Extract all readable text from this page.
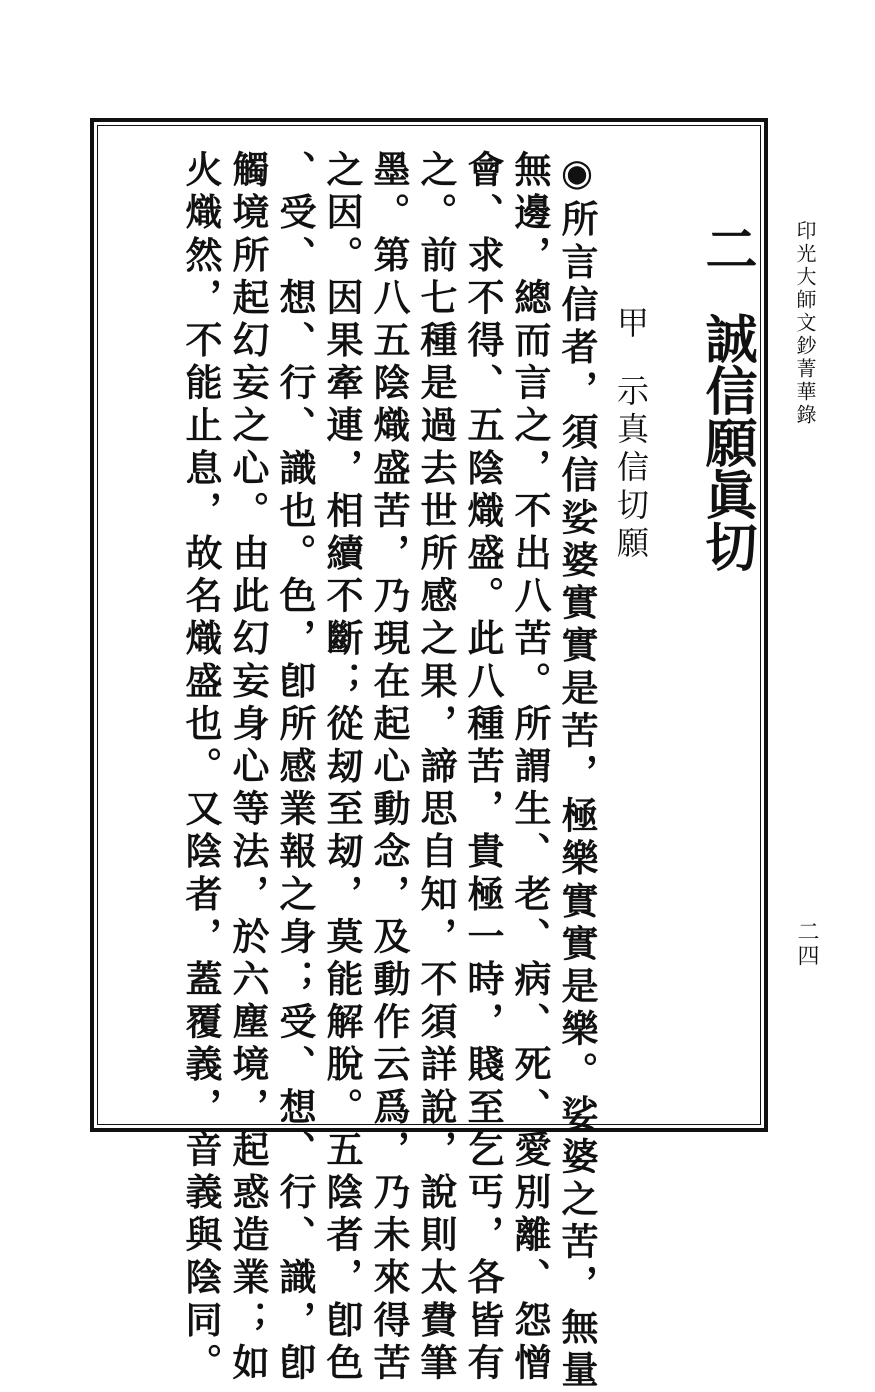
二誠信願眞切
甲示真信切願
◉所言信者，須信娑婆實實是苦，極樂實實是樂。娑婆之苦，無量
無邊，總而言之，不出八苦。所謂生、老、病、死、愛別離、怨憎
會、求不得、五陰熾盛。此八種苦，貴極一時，賤至乞丐，各皆有
之。前七種是過去世所感之果，諦思自知，不須詳說，說則太費筆
墨。第八五陰熾盛苦，乃現在起心動念，及動作云爲，乃未來得苦
之因。因果牽連，相續不斷；從刼至刼，莫能解脫。五陰者，卽色
、受、想、行、識也。色，卽所感業報之身；受、想、行、識，卽
觸境所起幻妄之心。由此幻妄身心等法，於六塵境，起惑造業；如
火熾然，不能止息，故名熾盛也。又陰者，蓋覆義，音義與陰同。	印光大師文鈔菁華錄
二四
